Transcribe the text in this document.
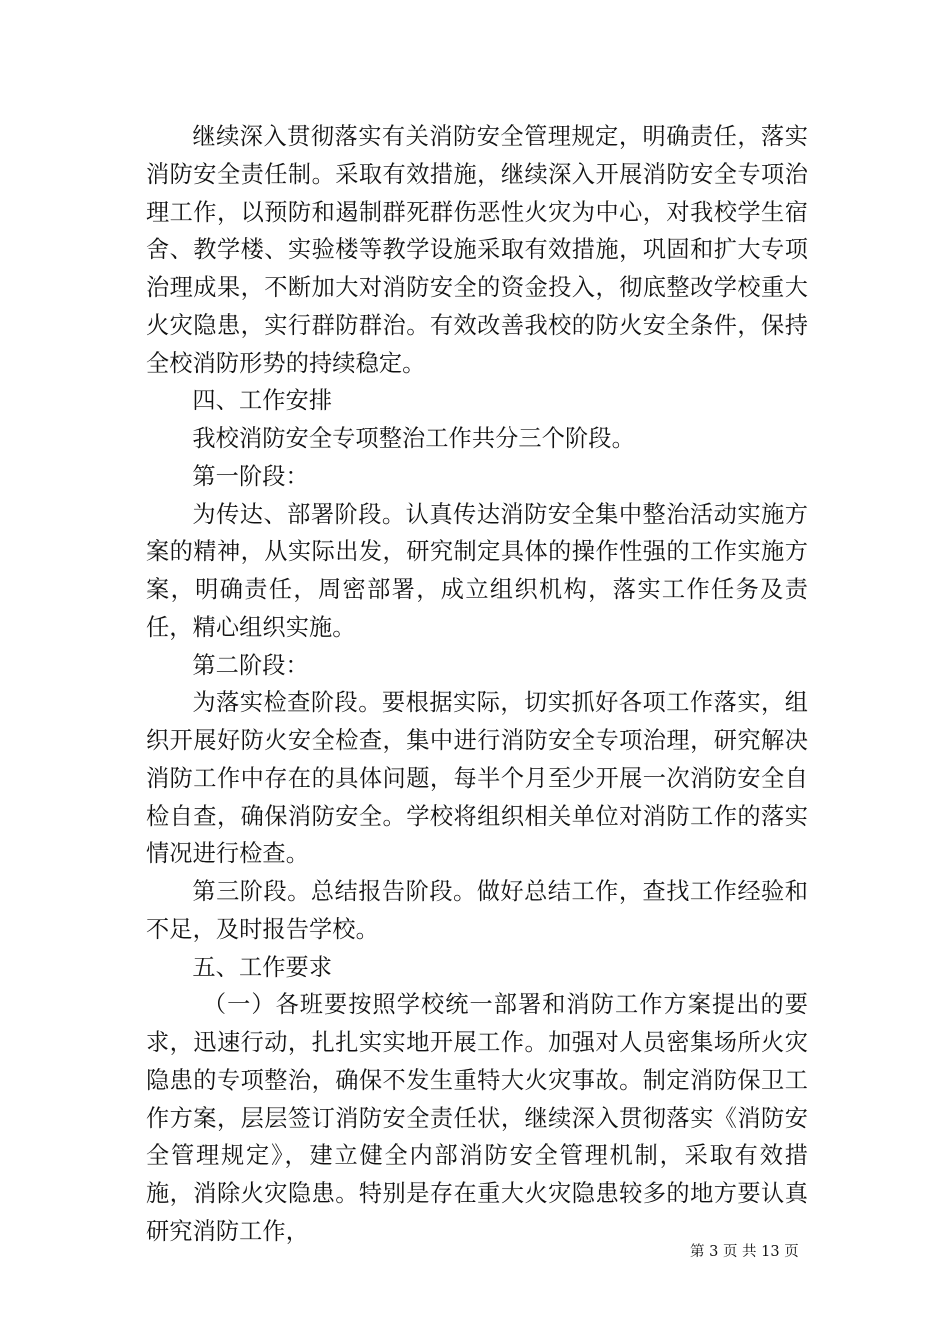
继续深入贯彻落实有关消防安全管理规定，明确责任，落实消防安全责任制。采取有效措施，继续深入开展消防安全专项治理工作，以预防和遏制群死群伤恶性火灾为中心，对我校学生宿舍、教学楼、实验楼等教学设施采取有效措施，巩固和扩大专项治理成果，不断加大对消防安全的资金投入，彻底整改学校重大火灾隐患，实行群防群治。有效改善我校的防火安全条件，保持全校消防形势的持续稳定。

四、工作安排

我校消防安全专项整治工作共分三个阶段。

第一阶段：

为传达、部署阶段。认真传达消防安全集中整治活动实施方案的精神，从实际出发，研究制定具体的操作性强的工作实施方案，明确责任，周密部署，成立组织机构，落实工作任务及责任，精心组织实施。

第二阶段：

为落实检查阶段。要根据实际，切实抓好各项工作落实，组织开展好防火安全检查，集中进行消防安全专项治理，研究解决消防工作中存在的具体问题，每半个月至少开展一次消防安全自检自查，确保消防安全。学校将组织相关单位对消防工作的落实情况进行检查。

第三阶段。总结报告阶段。做好总结工作，查找工作经验和不足，及时报告学校。

五、工作要求

（一）各班要按照学校统一部署和消防工作方案提出的要求，迅速行动，扎扎实实地开展工作。加强对人员密集场所火灾隐患的专项整治，确保不发生重特大火灾事故。制定消防保卫工作方案，层层签订消防安全责任状，继续深入贯彻落实《消防安全管理规定》，建立健全内部消防安全管理机制，采取有效措施，消除火灾隐患。特别是存在重大火灾隐患较多的地方要认真研究消防工作，

第 3 页 共 13 页
